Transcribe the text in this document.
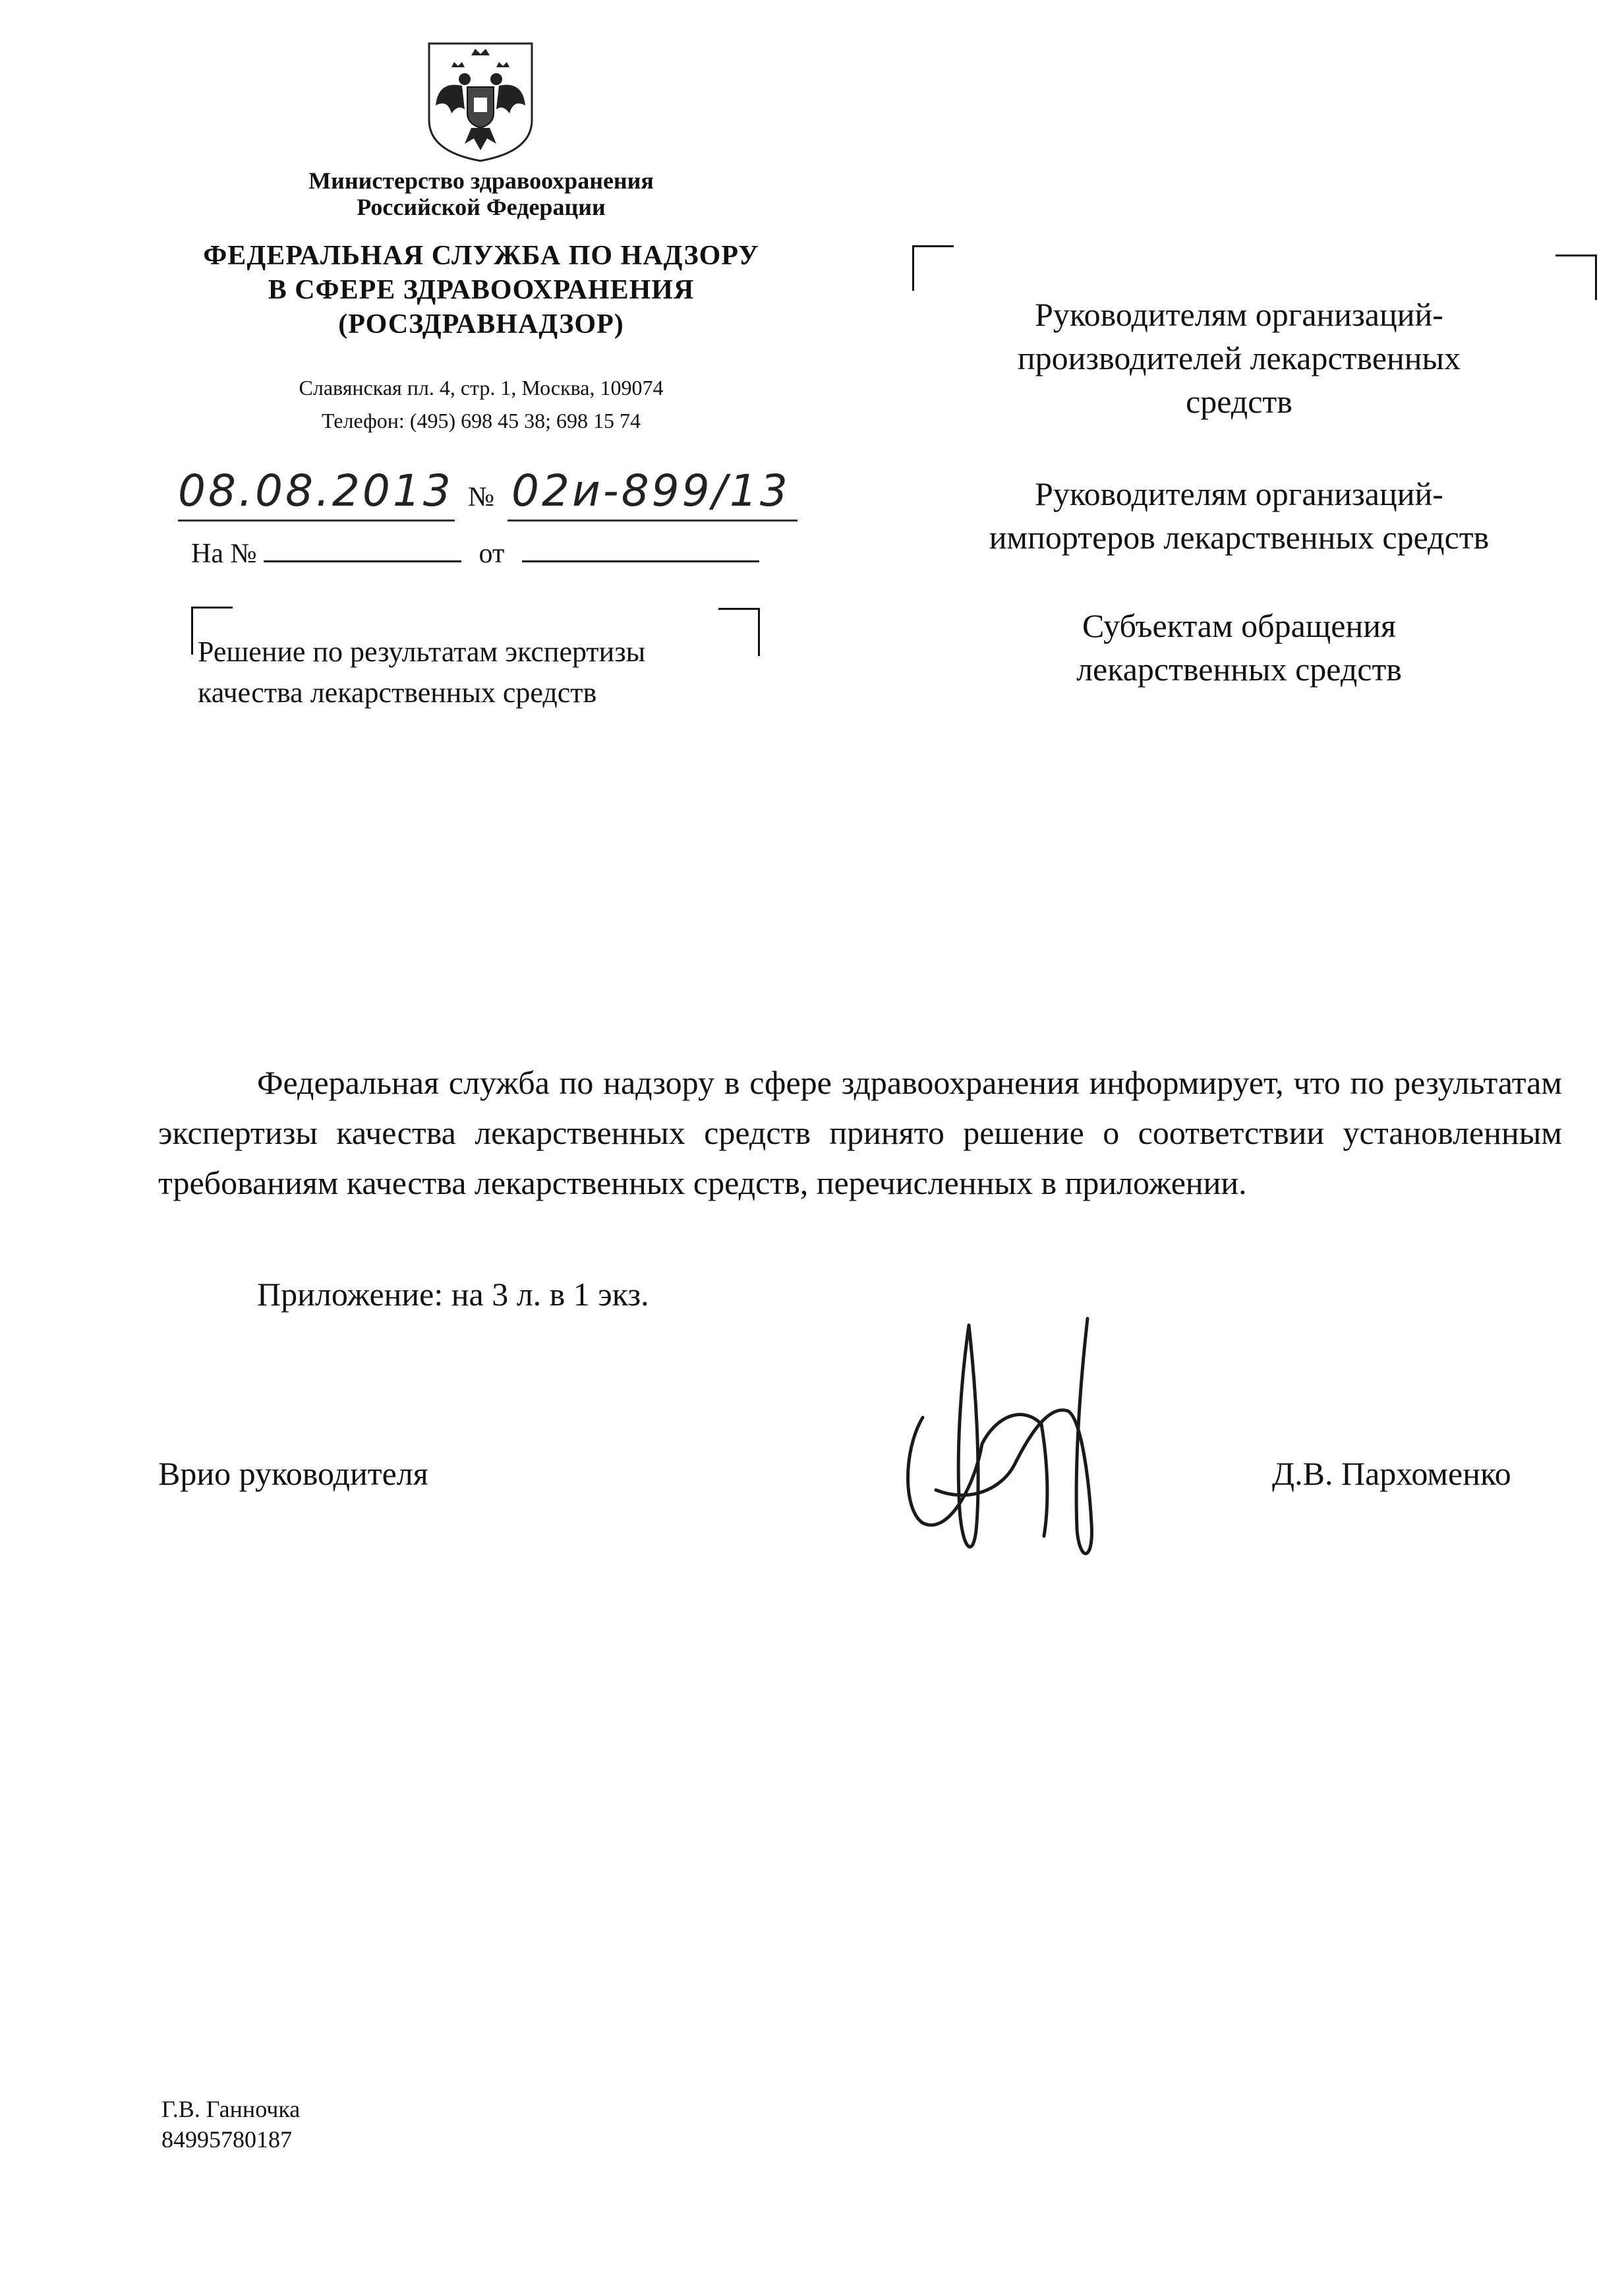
Министерство здравоохранения
Российской Федерации
ФЕДЕРАЛЬНАЯ СЛУЖБА ПО НАДЗОРУ
В СФЕРЕ ЗДРАВООХРАНЕНИЯ
(РОСЗДРАВНАДЗОР)
Славянская пл. 4, стр. 1, Москва, 109074
Телефон: (495) 698 45 38; 698 15 74
08.08.2013 № 02и-899/13
На №	от
Решение по результатам экспертизы
качества лекарственных средств
Руководителям организаций-
производителей лекарственных
средств
Руководителям организаций-
импортеров лекарственных средств
Субъектам обращения
лекарственных средств

Федеральная служба по надзору в сфере здравоохранения информирует, что по результатам экспертизы качества лекарственных средств принято решение о соответствии установленным требованиям качества лекарственных средств, перечисленных в приложении.

Приложение: на 3 л. в 1 экз.
Врио руководителя	Д.В. Пархоменко
Г.В. Ганночка
84995780187
